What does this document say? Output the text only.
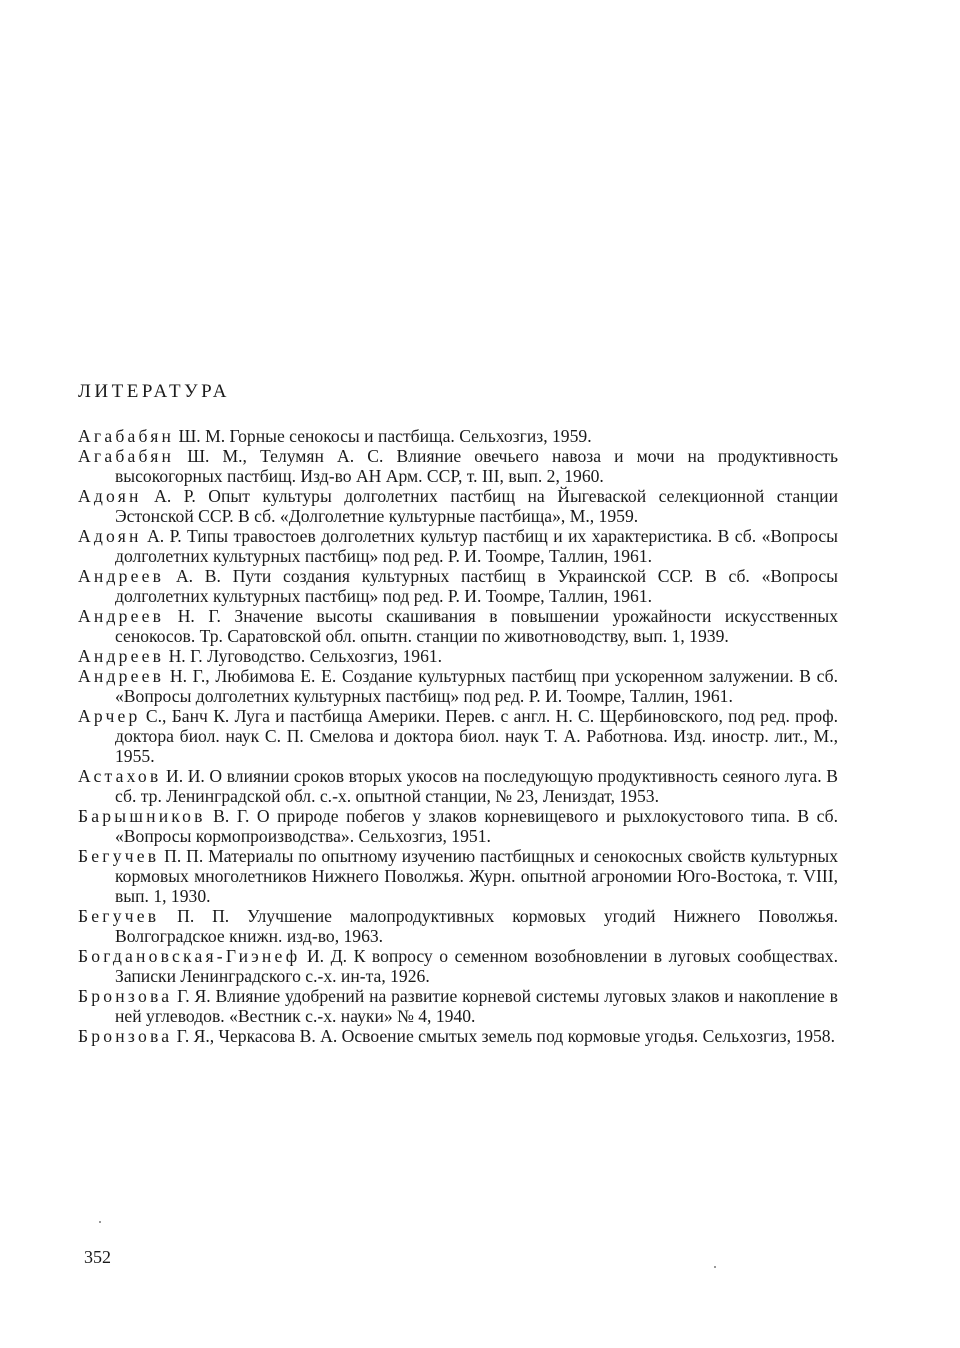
ЛИТЕРАТУРА
Агабабян Ш. М. Горные сенокосы и пастбища. Сельхозгиз, 1959.
Агабабян Ш. М., Телумян А. С. Влияние овечьего навоза и мочи на продуктивность высокогорных пастбищ. Изд-во АН Арм. ССР, т. III, вып. 2, 1960.
Адоян А. Р. Опыт культуры долголетних пастбищ на Йыгеваской селекционной станции Эстонской ССР. В сб. «Долголетние культурные пастбища», М., 1959.
Адоян А. Р. Типы травостоев долголетних культур пастбищ и их характеристика. В сб. «Вопросы долголетних культурных пастбищ» под ред. Р. И. Тоомре, Таллин, 1961.
Андреев А. В. Пути создания культурных пастбищ в Украинской ССР. В сб. «Вопросы долголетних культурных пастбищ» под ред. Р. И. Тоомре, Таллин, 1961.
Андреев Н. Г. Значение высоты скашивания в повышении урожайности искусственных сенокосов. Тр. Саратовской обл. опытн. станции по животноводству, вып. 1, 1939.
Андреев Н. Г. Луговодство. Сельхозгиз, 1961.
Андреев Н. Г., Любимова Е. Е. Создание культурных пастбищ при ускоренном залужении. В сб. «Вопросы долголетних культурных пастбищ» под ред. Р. И. Тоомре, Таллин, 1961.
Арчер С., Банч К. Луга и пастбища Америки. Перев. с англ. Н. С. Щербиновского, под ред. проф. доктора биол. наук С. П. Смелова и доктора биол. наук Т. А. Работнова. Изд. иностр. лит., М., 1955.
Астахов И. И. О влиянии сроков вторых укосов на последующую продуктивность сеяного луга. В сб. тр. Ленинградской обл. с.-х. опытной станции, № 23, Лениздат, 1953.
Барышников В. Г. О природе побегов у злаков корневищевого и рыхлокустового типа. В сб. «Вопросы кормопроизводства». Сельхозгиз, 1951.
Бегучев П. П. Материалы по опытному изучению пастбищных и сенокосных свойств культурных кормовых многолетников Нижнего Поволжья. Журн. опытной агрономии Юго-Востока, т. VIII, вып. 1, 1930.
Бегучев П. П. Улучшение малопродуктивных кормовых угодий Нижнего Поволжья. Волгоградское книжн. изд-во, 1963.
Богдановская-Гиэнеф И. Д. К вопросу о семенном возобновлении в луговых сообществах. Записки Ленинградского с.-х. ин-та, 1926.
Бронзова Г. Я. Влияние удобрений на развитие корневой системы луговых злаков и накопление в ней углеводов. «Вестник с.-х. науки» № 4, 1940.
Бронзова Г. Я., Черкасова В. А. Освоение смытых земель под кормовые угодья. Сельхозгиз, 1958.

352
